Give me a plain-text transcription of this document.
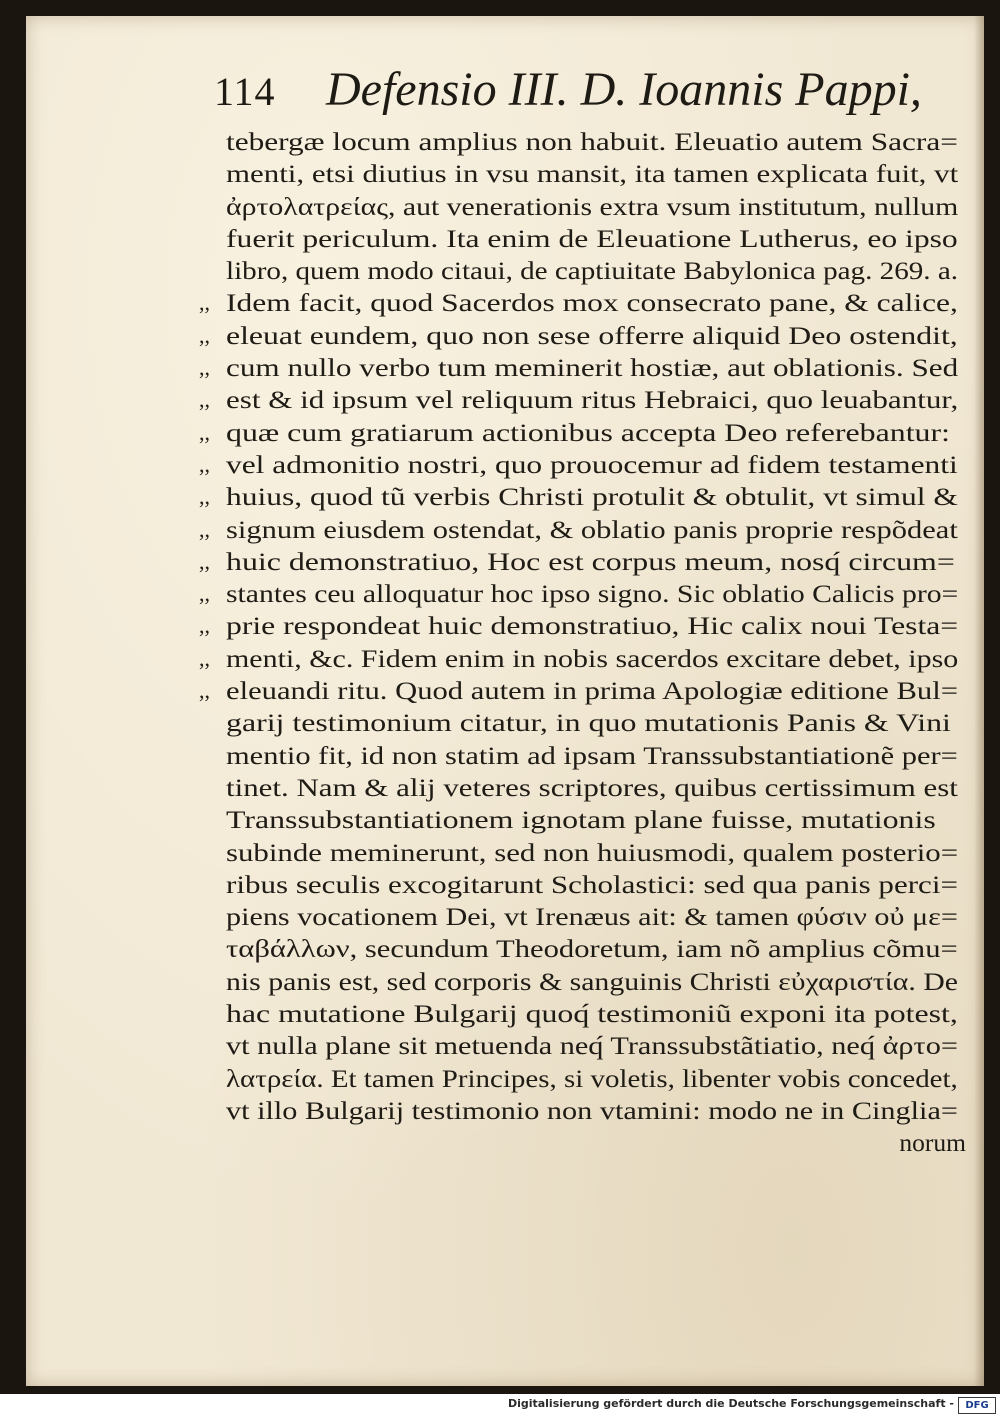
114 Defensio III. D. Ioannis Pappi,
tebergæ locum amplius non habuit. Eleuatio autem Sacra=
menti, etsi diutius in vsu mansit, ita tamen explicata fuit, vt
ἀρτολατρείας, aut venerationis extra vsum institutum, nullum
fuerit periculum. Ita enim de Eleuatione Lutherus, eo ipso
libro, quem modo citaui, de captiuitate Babylonica pag. 269. a.
,, Idem facit, quod Sacerdos mox consecrato pane, & calice,
,, eleuat eundem, quo non sese offerre aliquid Deo ostendit,
,, cum nullo verbo tum meminerit hostiæ, aut oblationis. Sed
,, est & id ipsum vel reliquum ritus Hebraici, quo leuabantur,
,, quæ cum gratiarum actionibus accepta Deo referebantur:
,, vel admonitio nostri, quo prouocemur ad fidem testamenti
,, huius, quod tũ verbis Christi protulit & obtulit, vt simul &
,, signum eiusdem ostendat, & oblatio panis proprie respõdeat
,, huic demonstratiuo, Hoc est corpus meum, nosq́ circum=
,, stantes ceu alloquatur hoc ipso signo. Sic oblatio Calicis pro=
,, prie respondeat huic demonstratiuo, Hic calix noui Testa=
,, menti, &c. Fidem enim in nobis sacerdos excitare debet, ipso
,, eleuandi ritu. Quod autem in prima Apologiæ editione Bul=
garij testimonium citatur, in quo mutationis Panis & Vini
mentio fit, id non statim ad ipsam Transsubstantiationẽ per=
tinet. Nam & alij veteres scriptores, quibus certissimum est
Transsubstantiationem ignotam plane fuisse, mutationis
subinde meminerunt, sed non huiusmodi, qualem posterio=
ribus seculis excogitarunt Scholastici: sed qua panis perci=
piens vocationem Dei, vt Irenæus ait: & tamen φύσιν οὐ με=
ταβάλλων, secundum Theodoretum, iam nõ amplius cõmu=
nis panis est, sed corporis & sanguinis Christi εὐχαριστία. De
hac mutatione Bulgarij quoq́ testimoniũ exponi ita potest,
vt nulla plane sit metuenda neq́ Transsubstãtiatio, neq́ ἀρτο=
λατρεία. Et tamen Principes, si voletis, libenter vobis concedet,
vt illo Bulgarij testimonio non vtamini: modo ne in Cinglia=
norum
Digitalisierung gefördert durch die Deutsche Forschungsgemeinschaft -	DFG
